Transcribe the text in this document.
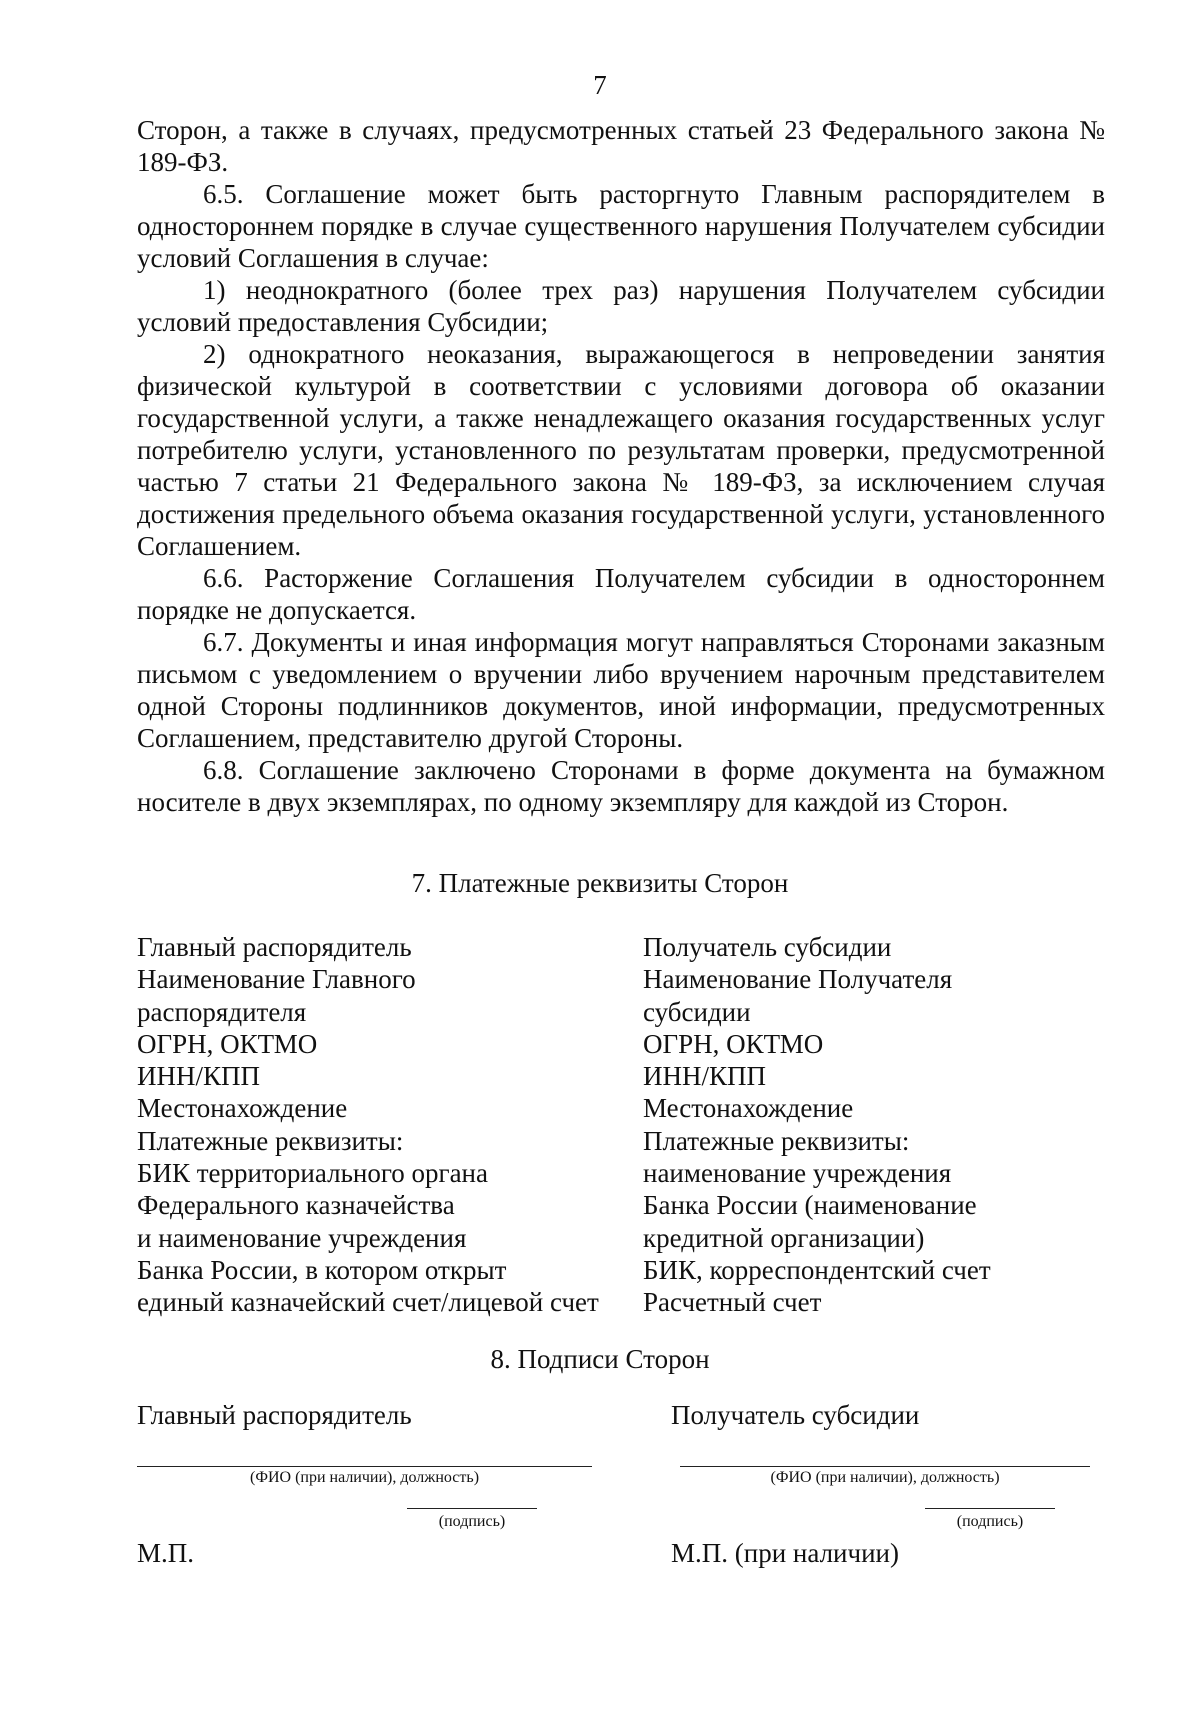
7

Сторон, а также в случаях, предусмотренных статьей 23 Федерального закона № 189-ФЗ.

6.5. Соглашение может быть расторгнуто Главным распорядителем в одностороннем порядке в случае существенного нарушения Получателем субсидии условий Соглашения в случае:

1) неоднократного (более трех раз) нарушения Получателем субсидии условий предоставления Субсидии;

2) однократного неоказания, выражающегося в непроведении занятия физической культурой в соответствии с условиями договора об оказании государственной услуги, а также ненадлежащего оказания государственных услуг потребителю услуги, установленного по результатам проверки, предусмотренной частью 7 статьи 21 Федерального закона № 189-ФЗ, за исключением случая достижения предельного объема оказания государственной услуги, установленного Соглашением.

6.6. Расторжение Соглашения Получателем субсидии в одностороннем порядке не допускается.

6.7. Документы и иная информация могут направляться Сторонами заказным письмом с уведомлением о вручении либо вручением нарочным представителем одной Стороны подлинников документов, иной информации, предусмотренных Соглашением, представителю другой Стороны.

6.8. Соглашение заключено Сторонами в форме документа на бумажном носителе в двух экземплярах, по одному экземпляру для каждой из Сторон.

7. Платежные реквизиты Сторон
Главный распорядитель
Наименование Главного
распорядителя
ОГРН, ОКТМО
ИНН/КПП
Местонахождение
Платежные реквизиты:
БИК территориального органа
Федерального казначейства
и наименование учреждения
Банка России, в котором открыт
единый казначейский счет/лицевой счет
Получатель субсидии
Наименование Получателя
субсидии
ОГРН, ОКТМО
ИНН/КПП
Местонахождение
Платежные реквизиты:
наименование учреждения
Банка России (наименование
кредитной организации)
БИК, корреспондентский счет
Расчетный счет
8. Подписи Сторон
Главный распорядитель
(ФИО (при наличии), должность)
(подпись)
М.П.
Получатель субсидии
(ФИО (при наличии), должность)
(подпись)
М.П. (при наличии)
